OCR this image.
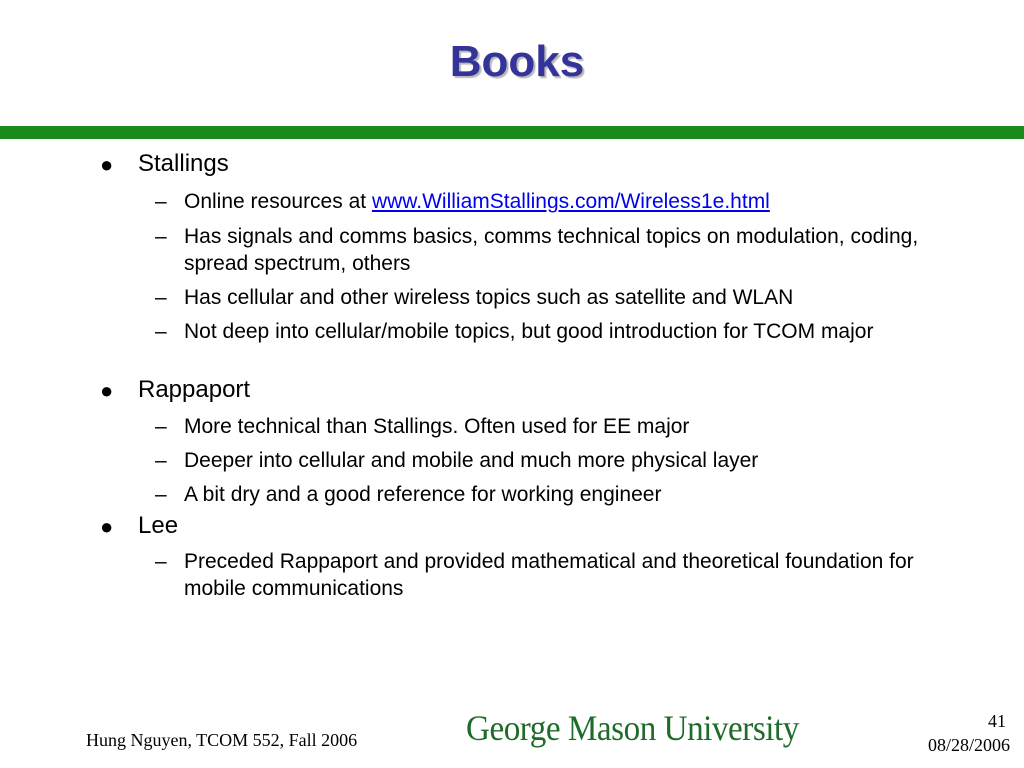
Books
● Stallings
– Online resources at www.WilliamStallings.com/Wireless1e.html
– Has signals and comms basics, comms technical topics on modulation, coding, spread spectrum, others
– Has cellular and other wireless topics such as satellite and WLAN
– Not deep into cellular/mobile topics, but good introduction for TCOM major
● Rappaport
– More technical than Stallings. Often used for EE major
– Deeper into cellular and mobile and much more physical layer
– A bit dry and a good reference for working engineer
● Lee
– Preceded Rappaport and provided mathematical and theoretical foundation for mobile communications
Hung Nguyen, TCOM 552, Fall 2006	George Mason University	41
08/28/2006
